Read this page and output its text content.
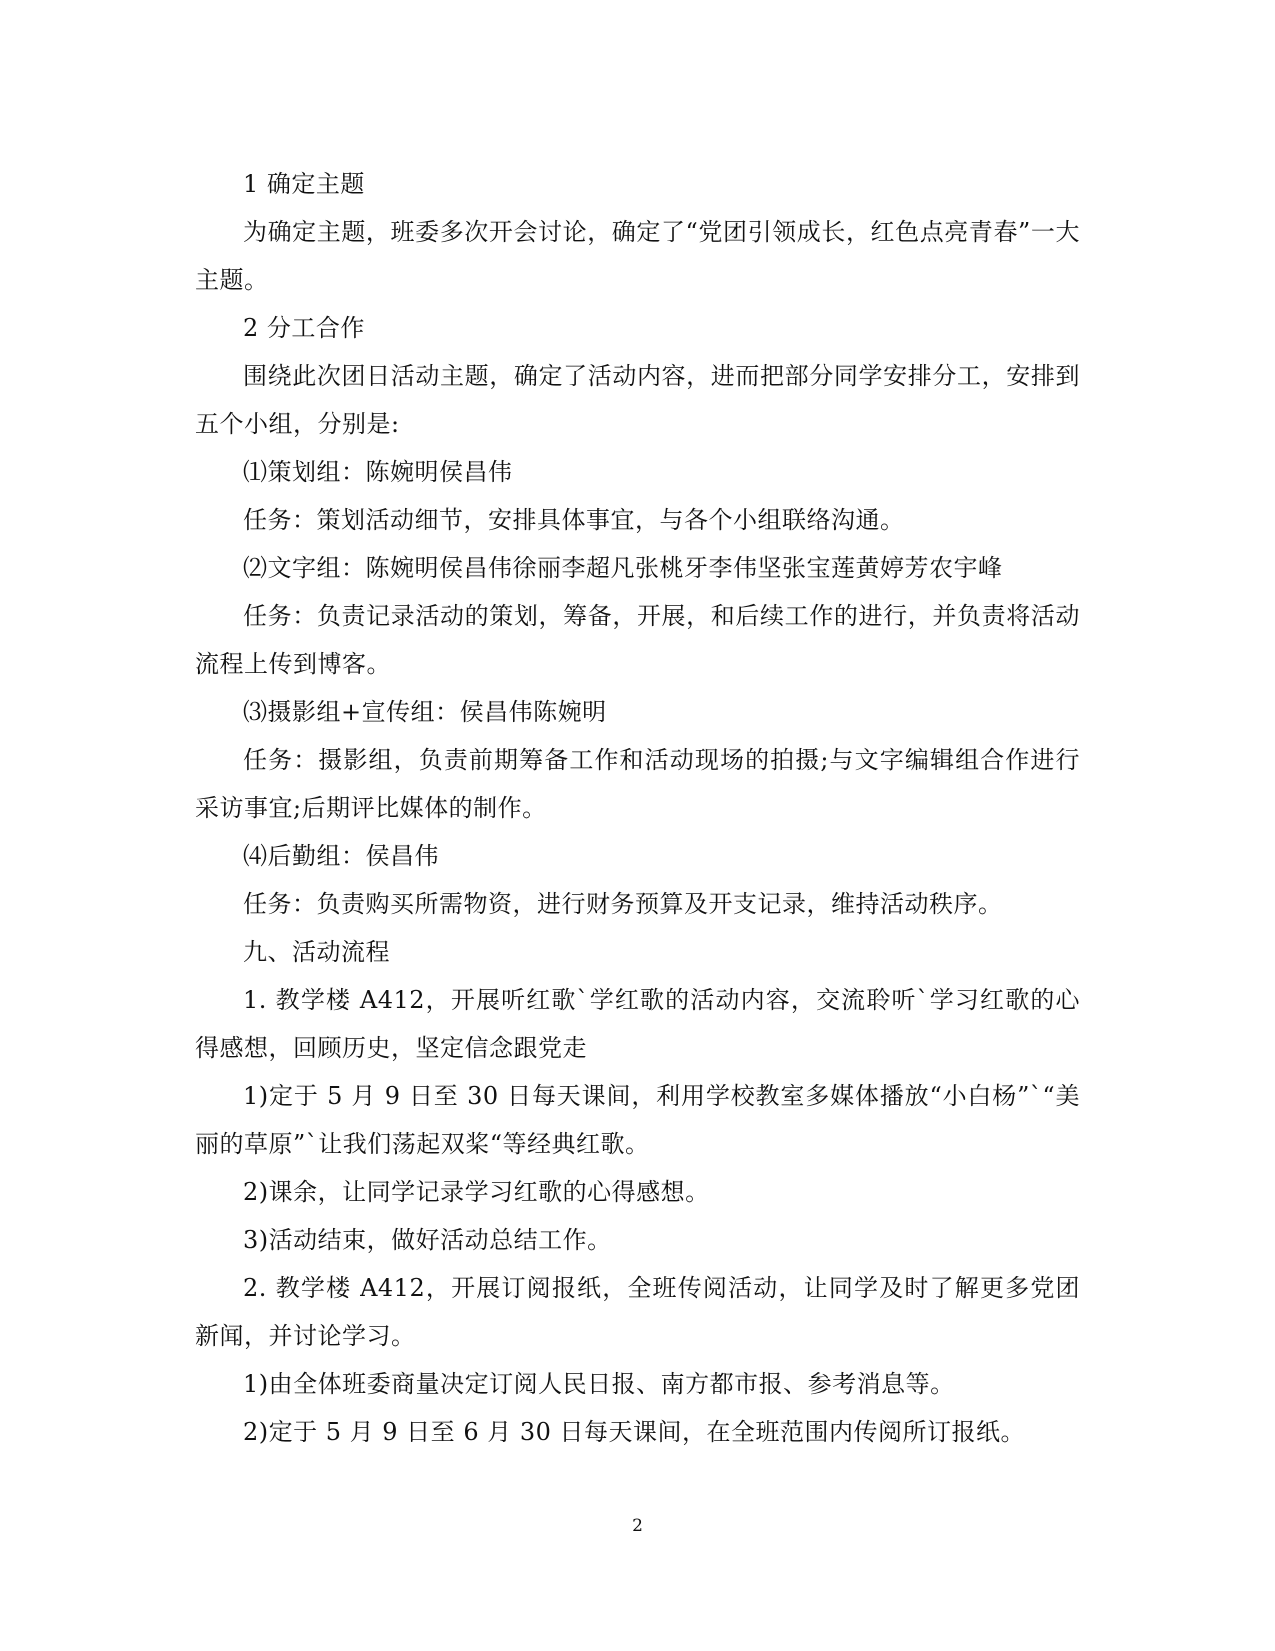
1 确定主题

为确定主题，班委多次开会讨论，确定了“党团引领成长，红色点亮青春”一大主题。

2 分工合作

围绕此次团日活动主题，确定了活动内容，进而把部分同学安排分工，安排到五个小组，分别是:

⑴策划组：陈婉明侯昌伟

任务：策划活动细节，安排具体事宜，与各个小组联络沟通。

⑵文字组：陈婉明侯昌伟徐丽李超凡张桃牙李伟坚张宝莲黄婷芳农宇峰

任务：负责记录活动的策划，筹备，开展，和后续工作的进行，并负责将活动流程上传到博客。

⑶摄影组+宣传组：侯昌伟陈婉明

任务：摄影组，负责前期筹备工作和活动现场的拍摄;与文字编辑组合作进行采访事宜;后期评比媒体的制作。

⑷后勤组：侯昌伟

任务：负责购买所需物资，进行财务预算及开支记录，维持活动秩序。

九、活动流程

1. 教学楼 A412，开展听红歌`学红歌的活动内容，交流聆听`学习红歌的心得感想，回顾历史，坚定信念跟党走

1)定于 5 月 9 日至 30 日每天课间，利用学校教室多媒体播放“小白杨”`“美丽的草原”`让我们荡起双桨“等经典红歌。

2)课余，让同学记录学习红歌的心得感想。

3)活动结束，做好活动总结工作。

2. 教学楼 A412，开展订阅报纸，全班传阅活动，让同学及时了解更多党团新闻，并讨论学习。

1)由全体班委商量决定订阅人民日报、南方都市报、参考消息等。

2)定于 5 月 9 日至 6 月 30 日每天课间，在全班范围内传阅所订报纸。

2
